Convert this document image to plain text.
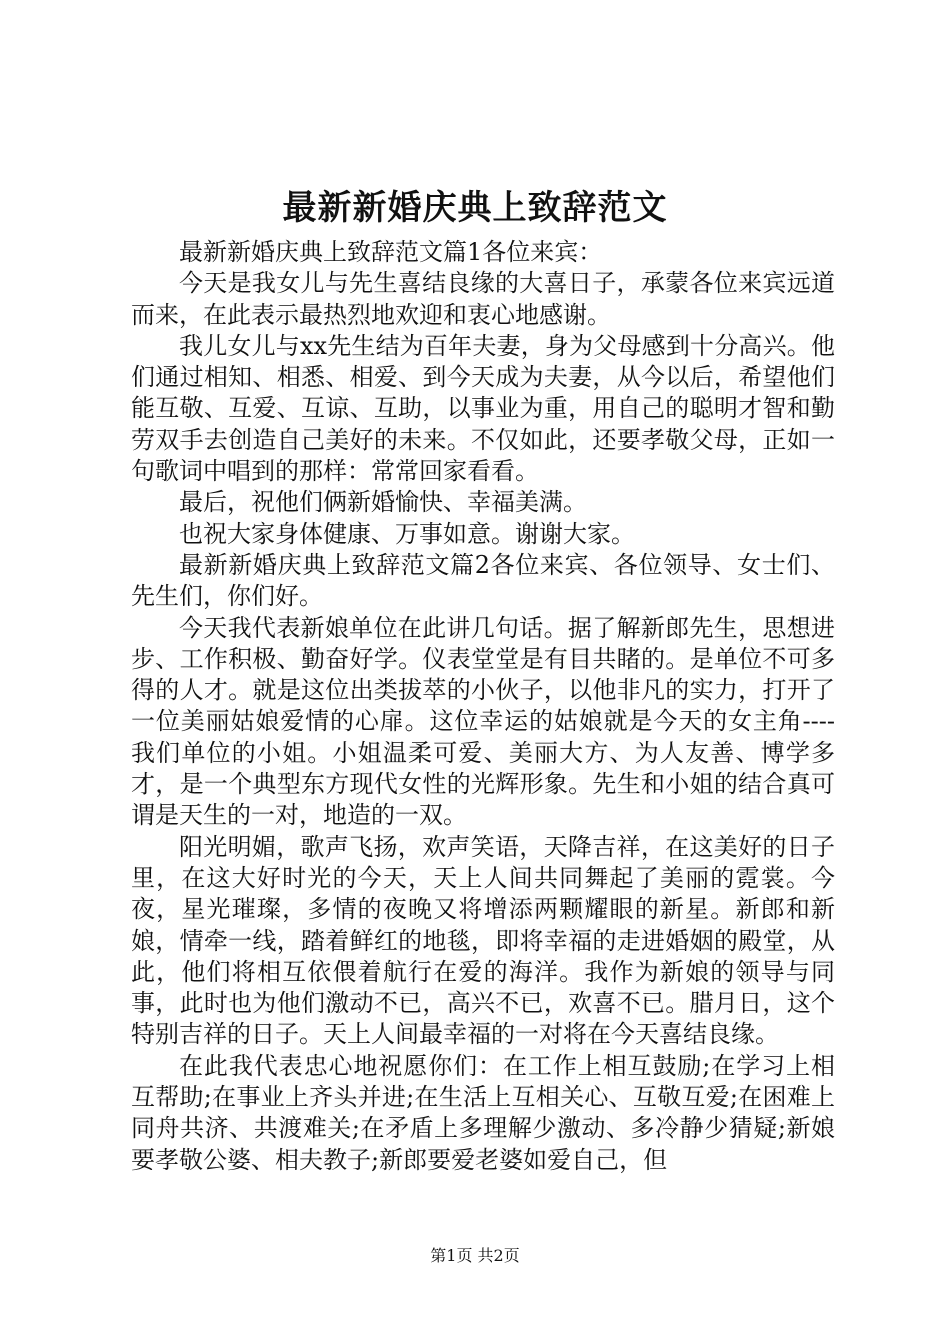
最新新婚庆典上致辞范文

最新新婚庆典上致辞范文篇1各位来宾：

今天是我女儿与先生喜结良缘的大喜日子，承蒙各位来宾远道而来，在此表示最热烈地欢迎和衷心地感谢。

我儿女儿与xx先生结为百年夫妻，身为父母感到十分高兴。他们通过相知、相悉、相爱、到今天成为夫妻，从今以后，希望他们能互敬、互爱、互谅、互助，以事业为重，用自己的聪明才智和勤劳双手去创造自己美好的未来。不仅如此，还要孝敬父母，正如一句歌词中唱到的那样：常常回家看看。

最后，祝他们俩新婚愉快、幸福美满。

也祝大家身体健康、万事如意。谢谢大家。

最新新婚庆典上致辞范文篇2各位来宾、各位领导、女士们、先生们，你们好。

今天我代表新娘单位在此讲几句话。据了解新郎先生，思想进步、工作积极、勤奋好学。仪表堂堂是有目共睹的。是单位不可多得的人才。就是这位出类拔萃的小伙子，以他非凡的实力，打开了一位美丽姑娘爱情的心扉。这位幸运的姑娘就是今天的女主角----我们单位的小姐。小姐温柔可爱、美丽大方、为人友善、博学多才，是一个典型东方现代女性的光辉形象。先生和小姐的结合真可谓是天生的一对，地造的一双。

阳光明媚，歌声飞扬，欢声笑语，天降吉祥，在这美好的日子里，在这大好时光的今天，天上人间共同舞起了美丽的霓裳。今夜，星光璀璨，多情的夜晚又将增添两颗耀眼的新星。新郎和新娘，情牵一线，踏着鲜红的地毯，即将幸福的走进婚姻的殿堂，从此，他们将相互依偎着航行在爱的海洋。我作为新娘的领导与同事，此时也为他们激动不已，高兴不已，欢喜不已。腊月日，这个特别吉祥的日子。天上人间最幸福的一对将在今天喜结良缘。

在此我代表忠心地祝愿你们：在工作上相互鼓励;在学习上相互帮助;在事业上齐头并进;在生活上互相关心、互敬互爱;在困难上同舟共济、共渡难关;在矛盾上多理解少激动、多冷静少猜疑;新娘要孝敬公婆、相夫教子;新郎要爱老婆如爱自己，但

第1页 共2页
